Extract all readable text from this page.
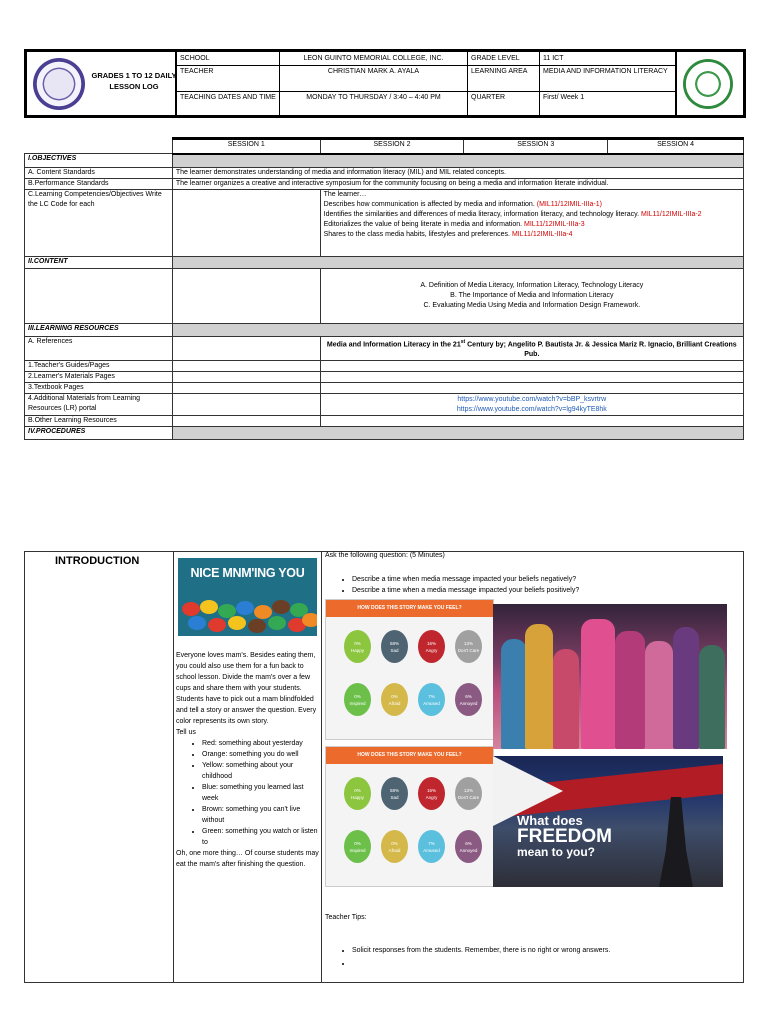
GRADES 1 TO 12 DAILY LESSON LOG
SCHOOL	LEON GUINTO MEMORIAL COLLEGE, INC.	GRADE LEVEL	11 ICT
TEACHER	CHRISTIAN MARK A. AYALA	LEARNING AREA	MEDIA AND INFORMATION LITERACY
TEACHING DATES AND TIME	MONDAY TO THURSDAY / 3:40 – 4:40 PM	QUARTER	First/ Week 1
	SESSION 1	SESSION 2	SESSION 3	SESSION 4
I.OBJECTIVES				
A. Content Standards	The learner demonstrates understanding of media and information literacy (MIL) and MIL related concepts.			
B.Performance Standards	The learner organizes a creative and interactive symposium for the community focusing on being a media and information literate individual.			
C.Learning Competencies/Objectives Write the LC Code for each		The learner…
Describes how communication is affected by media and information. (MIL11/12IMIL-IIIa-1)
Identifies the similarities and differences of media literacy, information literacy, and technology literacy. MIL11/12IMIL-IIIa-2
Editorializes the value of being literate in media and information. MIL11/12IMIL-IIIa-3
Shares to the class media habits, lifestyles and preferences. MIL11/12IMIL-IIIa-4		

II.CONTENT				

		A. Definition of Media Literacy, Information Literacy, Technology Literacy
B. The Importance of Media and Information Literacy
C. Evaluating Media Using Media and Information Design Framework.		

III.LEARNING RESOURCES				
A. References		Media and Information Literacy in the 21st Century by; Angelito P. Bautista Jr. & Jessica Mariz R. Ignacio, Brilliant Creations Pub.		
1.Teacher's Guides/Pages				
2.Learner's Materials Pages				
3.Textbook Pages				
4.Additional Materials from Learning Resources (LR) portal		https://www.youtube.com/watch?v=bBP_ksvrtrw
https://www.youtube.com/watch?v=lg94kyTE8hk		

B.Other Learning Resources				
IV.PROCEDURES				
INTRODUCTION
NICE MNM'ING YOU
Everyone loves mam's. Besides eating them, you could also use them for a fun back to school lesson. Divide the mam's over a few cups and share them with your students. Students have to pick out a mam blindfolded and tell a story or answer the question. Every color represents its own story.
Tell us
• Red: something about yesterday
• Orange: something you do well
• Yellow: something about your childhood
• Blue: something you learned last week
• Brown: something you can't live without
• Green: something you watch or listen to
Oh, one more thing… Of course students may eat the mam's after finishing the question.
Ask the following question: (5 Minutes)
• Describe a time when media message impacted your beliefs negatively?
• Describe a time when a media message impacted your beliefs positively?
HOW DOES THIS STORY MAKE YOU FEEL?
0%
Happy
58%
Sad
16%
Angry
13%
Don't Care
0%
Inspired
0%
Afraid
7%
Amused
6%
Annoyed
HOW DOES THIS STORY MAKE YOU FEEL?
0%
Happy
58%
Sad
16%
Angry
13%
Don't Care
0%
Inspired
0%
Afraid
7%
Amused
6%
Annoyed
What does
FREEDOM
mean to you?
Teacher Tips:
• Solicit responses from the students. Remember, there is no right or wrong answers.
•
